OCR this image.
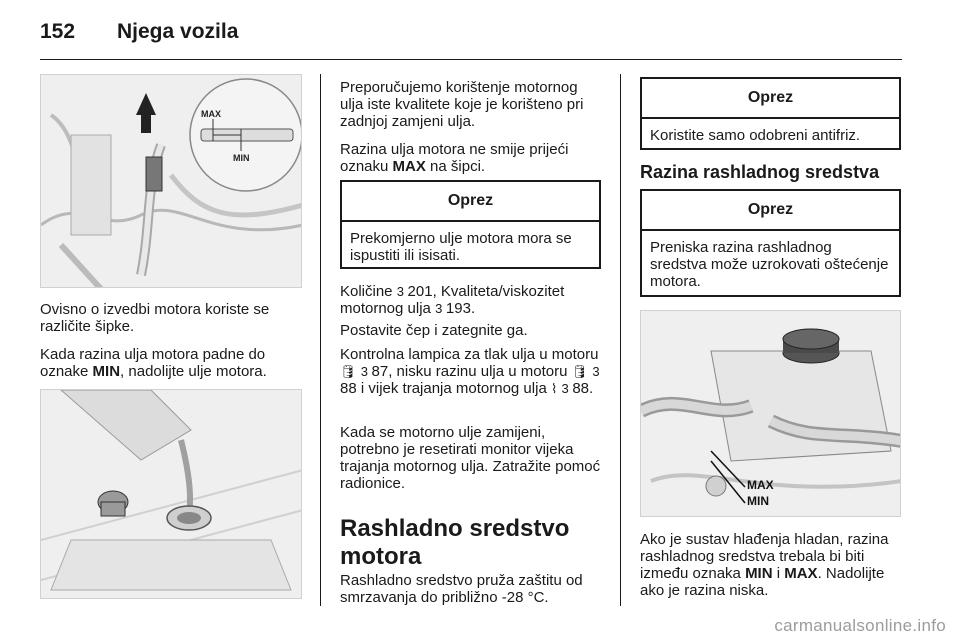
152 Njega vozila
MAX
MIN
Ovisno o izvedbi motora koriste se različite šipke.
Kada razina ulja motora padne do oznake MIN, nadolijte ulje motora.
Preporučujemo korištenje motornog ulja iste kvalitete koje je korišteno pri zadnjoj zamjeni ulja.
Razina ulja motora ne smije prijeći oznaku MAX na šipci.
Oprez
Prekomjerno ulje motora mora se ispustiti ili isisati.
Količine 3 201, Kvaliteta/viskozitet motornog ulja 3 193.
Postavite čep i zategnite ga.
Kontrolna lampica za tlak ulja u motoru 🛢 3 87, nisku razinu ulja u motoru 🛢 3 88 i vijek trajanja motornog ulja ⌇ 3 88.
Kada se motorno ulje zamijeni, potrebno je resetirati monitor vijeka trajanja motornog ulja. Zatražite pomoć radionice.
Rashladno sredstvo motora
Rashladno sredstvo pruža zaštitu od smrzavanja do približno -28 °C.
Oprez
Koristite samo odobreni antifriz.
Razina rashladnog sredstva
Oprez
Preniska razina rashladnog sredstva može uzrokovati oštećenje motora.
MAX
MIN
Ako je sustav hlađenja hladan, razina rashladnog sredstva trebala bi biti između oznaka MIN i MAX. Nadolijte ako je razina niska.
carmanualsonline.info
